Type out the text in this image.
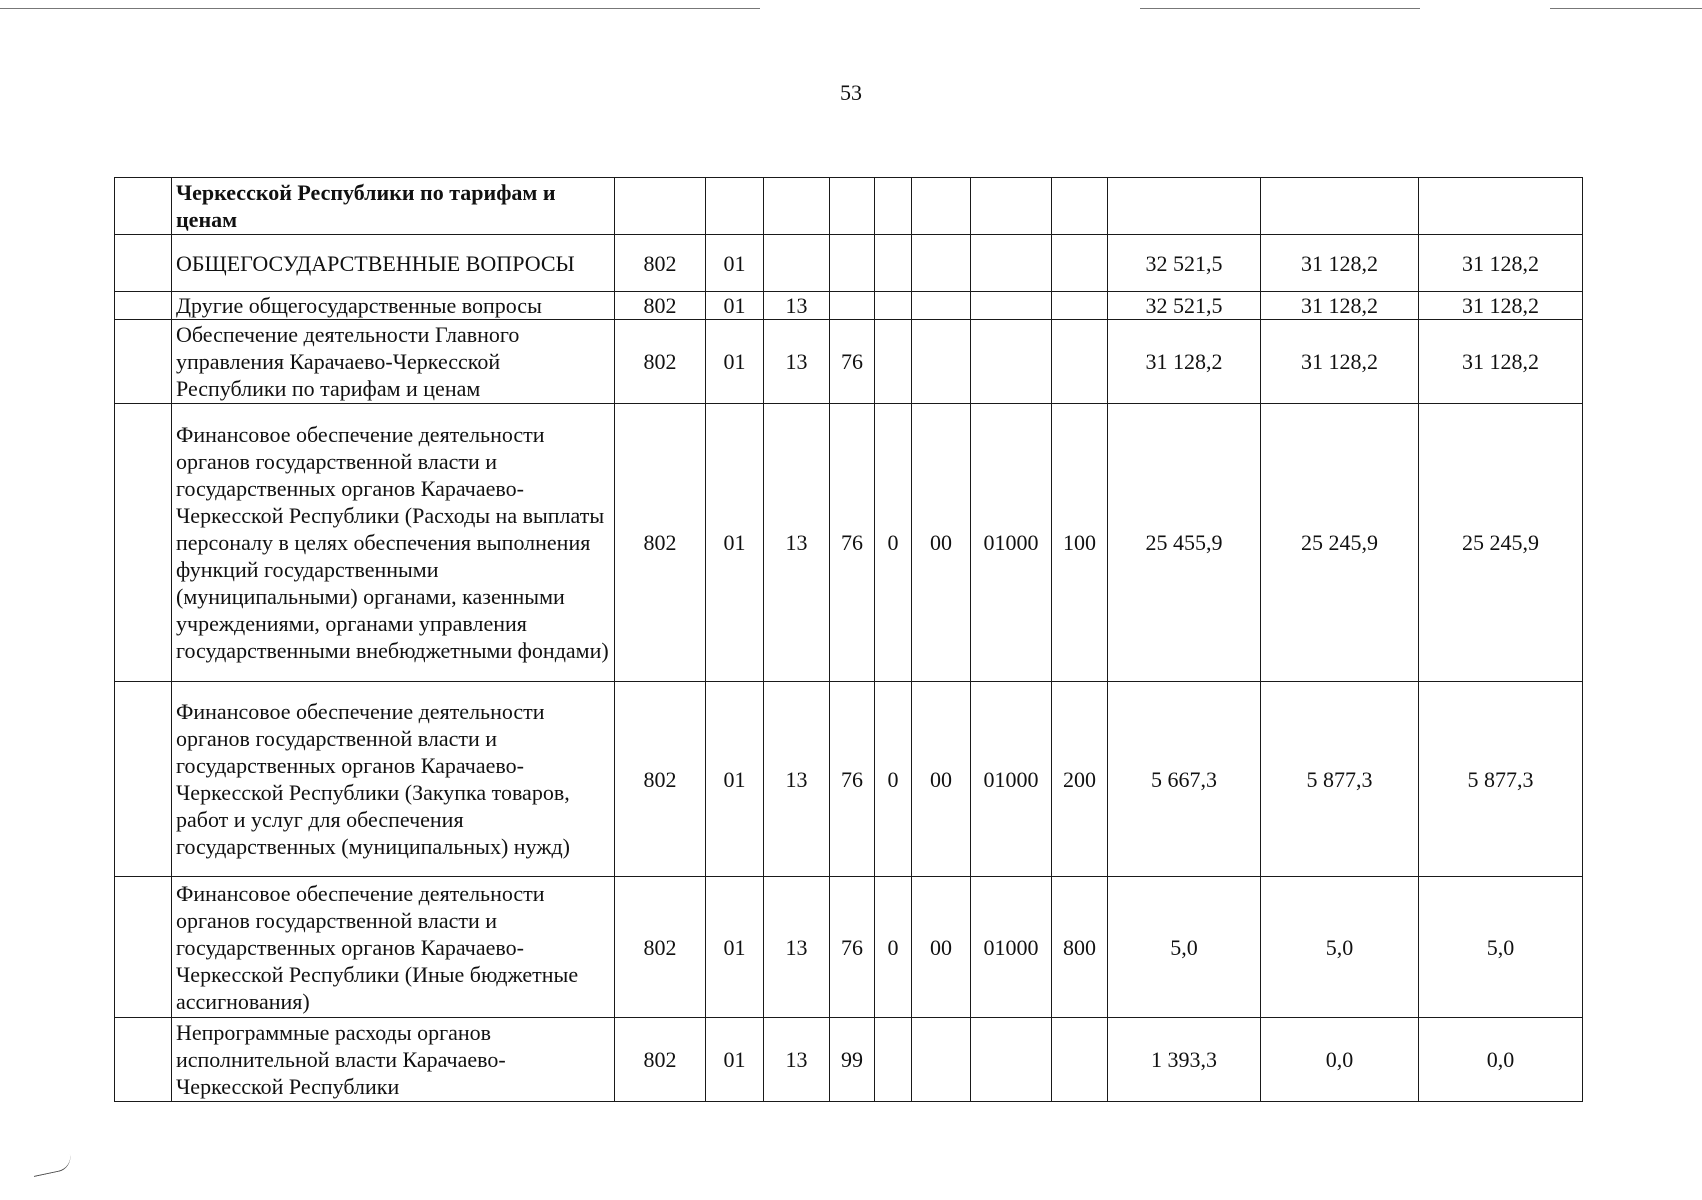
53
	Черкесской Республики по тарифам и ценам											
	ОБЩЕГОСУДАРСТВЕННЫЕ ВОПРОСЫ	802	01							32 521,5	31 128,2	31 128,2
	Другие общегосударственные вопросы	802	01	13						32 521,5	31 128,2	31 128,2
	Обеспечение деятельности Главного управления Карачаево-Черкесской Республики по тарифам и ценам	802	01	13	76					31 128,2	31 128,2	31 128,2
	Финансовое обеспечение деятельности органов государственной власти и государственных органов Карачаево-Черкесской Республики (Расходы на выплаты персоналу в целях обеспечения выполнения функций государственными (муниципальными) органами, казенными учреждениями, органами управления государственными внебюджетными фондами)	802	01	13	76	0	00	01000	100	25 455,9	25 245,9	25 245,9
	Финансовое обеспечение деятельности органов государственной власти и государственных органов Карачаево-Черкесской Республики (Закупка товаров, работ и услуг для обеспечения государственных (муниципальных) нужд)	802	01	13	76	0	00	01000	200	5 667,3	5 877,3	5 877,3
	Финансовое обеспечение деятельности органов государственной власти и государственных органов Карачаево-Черкесской Республики (Иные бюджетные ассигнования)	802	01	13	76	0	00	01000	800	5,0	5,0	5,0
	Непрограммные расходы органов исполнительной власти Карачаево-Черкесской Республики	802	01	13	99					1 393,3	0,0	0,0
